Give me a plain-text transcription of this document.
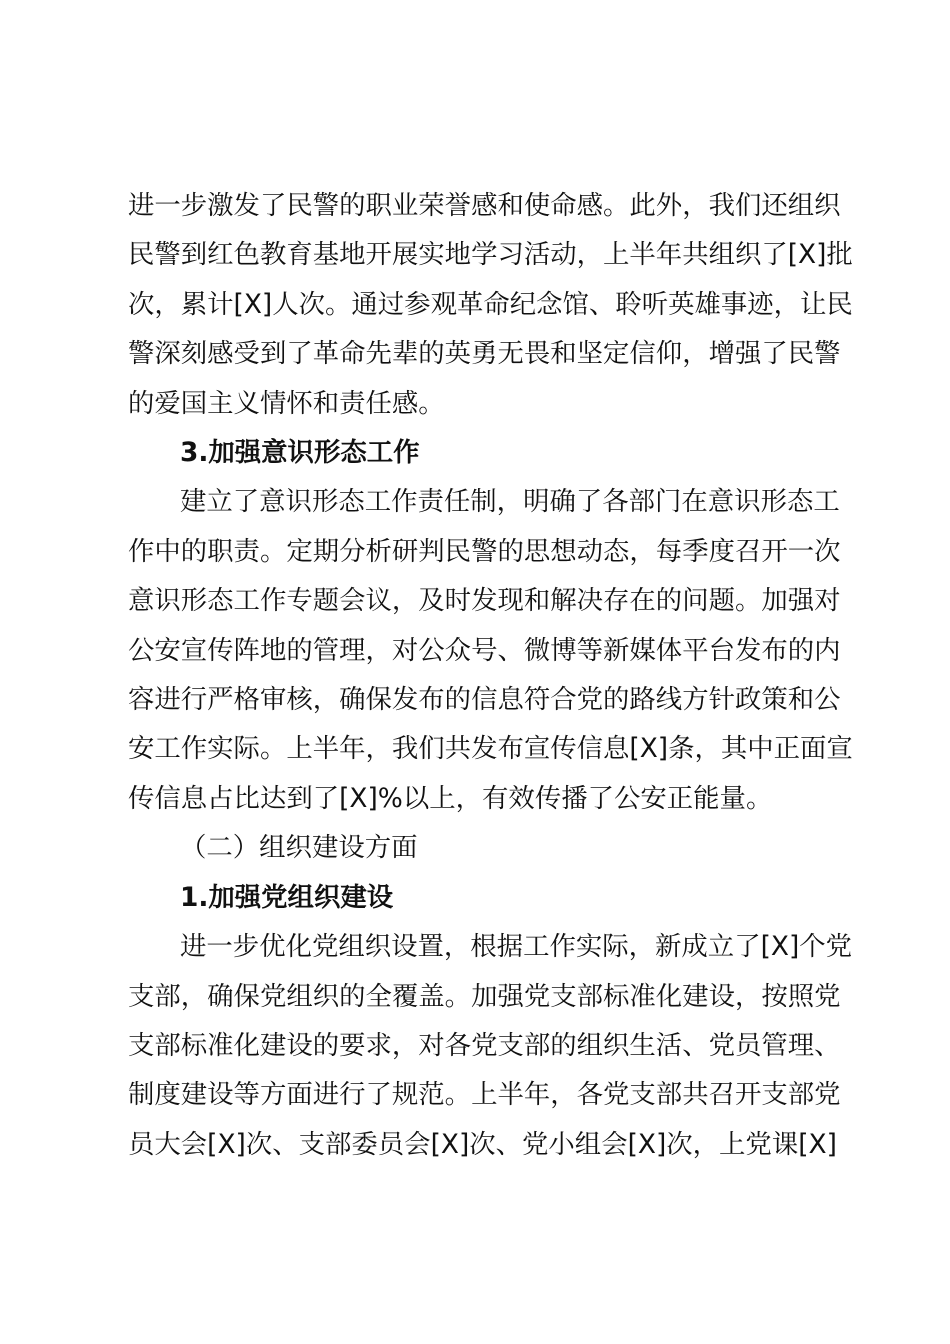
进一步激发了民警的职业荣誉感和使命感。此外，我们还组织
民警到红色教育基地开展实地学习活动，上半年共组织了[X]批
次，累计[X]人次。通过参观革命纪念馆、聆听英雄事迹，让民
警深刻感受到了革命先辈的英勇无畏和坚定信仰，增强了民警
的爱国主义情怀和责任感。
3.加强意识形态工作
建立了意识形态工作责任制，明确了各部门在意识形态工
作中的职责。定期分析研判民警的思想动态，每季度召开一次
意识形态工作专题会议，及时发现和解决存在的问题。加强对
公安宣传阵地的管理，对公众号、微博等新媒体平台发布的内
容进行严格审核，确保发布的信息符合党的路线方针政策和公
安工作实际。上半年，我们共发布宣传信息[X]条，其中正面宣
传信息占比达到了[X]%以上，有效传播了公安正能量。
（二）组织建设方面
1.加强党组织建设
进一步优化党组织设置，根据工作实际，新成立了[X]个党
支部，确保党组织的全覆盖。加强党支部标准化建设，按照党
支部标准化建设的要求，对各党支部的组织生活、党员管理、
制度建设等方面进行了规范。上半年，各党支部共召开支部党
员大会[X]次、支部委员会[X]次、党小组会[X]次，上党课[X]
